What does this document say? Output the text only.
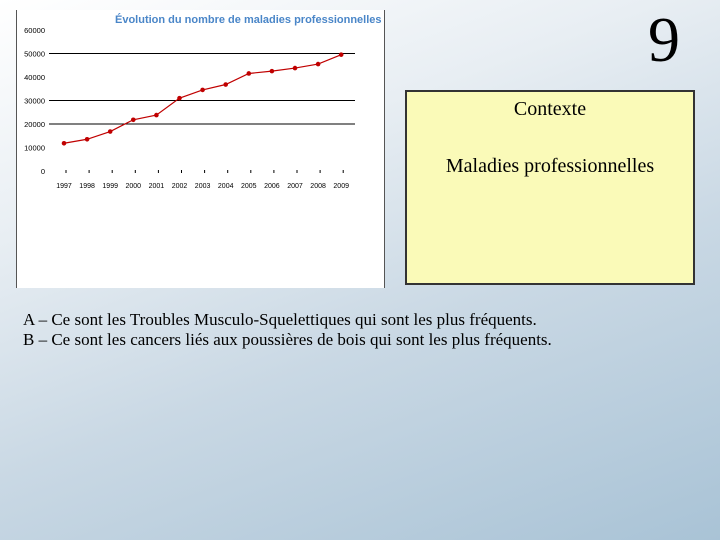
9
Évolution du nombre de maladies professionnelles
0
10000
20000
30000
40000
50000
60000
1997 1998 1999 2000 2001 2002 2003 2004 2005 2006 2007 2008 2009
Contexte
Maladies professionnelles
A – Ce sont les Troubles Musculo-Squelettiques qui sont les plus fréquents.
B – Ce sont les cancers liés aux poussières de bois qui sont les plus fréquents.
